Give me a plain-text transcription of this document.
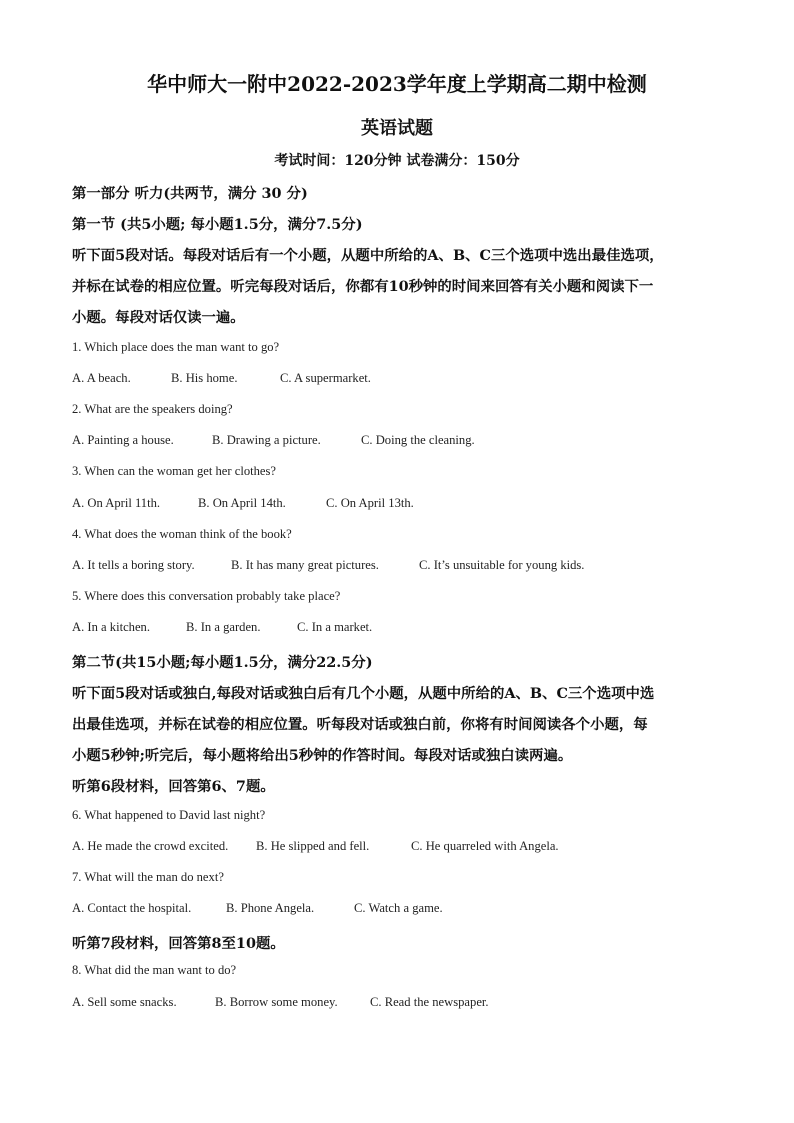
华中师大一附中2022-2023学年度上学期高二期中检测
英语试题
考试时间：120分钟 试卷满分：150分
第一部分 听力(共两节，满分 30 分)
第一节 (共5小题; 每小题1.5分，满分7.5分)
听下面5段对话。每段对话后有一个小题，从题中所给的A、B、C三个选项中选出最佳选项，
并标在试卷的相应位置。听完每段对话后，你都有10秒钟的时间来回答有关小题和阅读下一
小题。每段对话仅读一遍。
1. Which place does the man want to go?
A. A beach.	B. His home.	C. A supermarket.
2. What are the speakers doing?
A. Painting a house.	B. Drawing a picture.	C. Doing the cleaning.
3. When can the woman get her clothes?
A. On April 11th.	B. On April 14th.	C. On April 13th.
4. What does the woman think of the book?
A. It tells a boring story.	B. It has many great pictures.	C. It’s unsuitable for young kids.
5. Where does this conversation probably take place?
A. In a kitchen.	B. In a garden.	C. In a market.
第二节(共15小题;每小题1.5分，满分22.5分)
听下面5段对话或独白,每段对话或独白后有几个小题，从题中所给的A、B、C三个选项中选
出最佳选项，并标在试卷的相应位置。听每段对话或独白前，你将有时间阅读各个小题，每
小题5秒钟;听完后，每小题将给出5秒钟的作答时间。每段对话或独白读两遍。
听第6段材料，回答第6、7题。
6. What happened to David last night?
A. He made the crowd excited. B. He slipped and fell.	C. He quarreled with Angela.
7. What will the man do next?
A. Contact the hospital.	B. Phone Angela.	C. Watch a game.
听第7段材料，回答第8至10题。
8. What did the man want to do?
A. Sell some snacks.	B. Borrow some money.	C. Read the newspaper.
